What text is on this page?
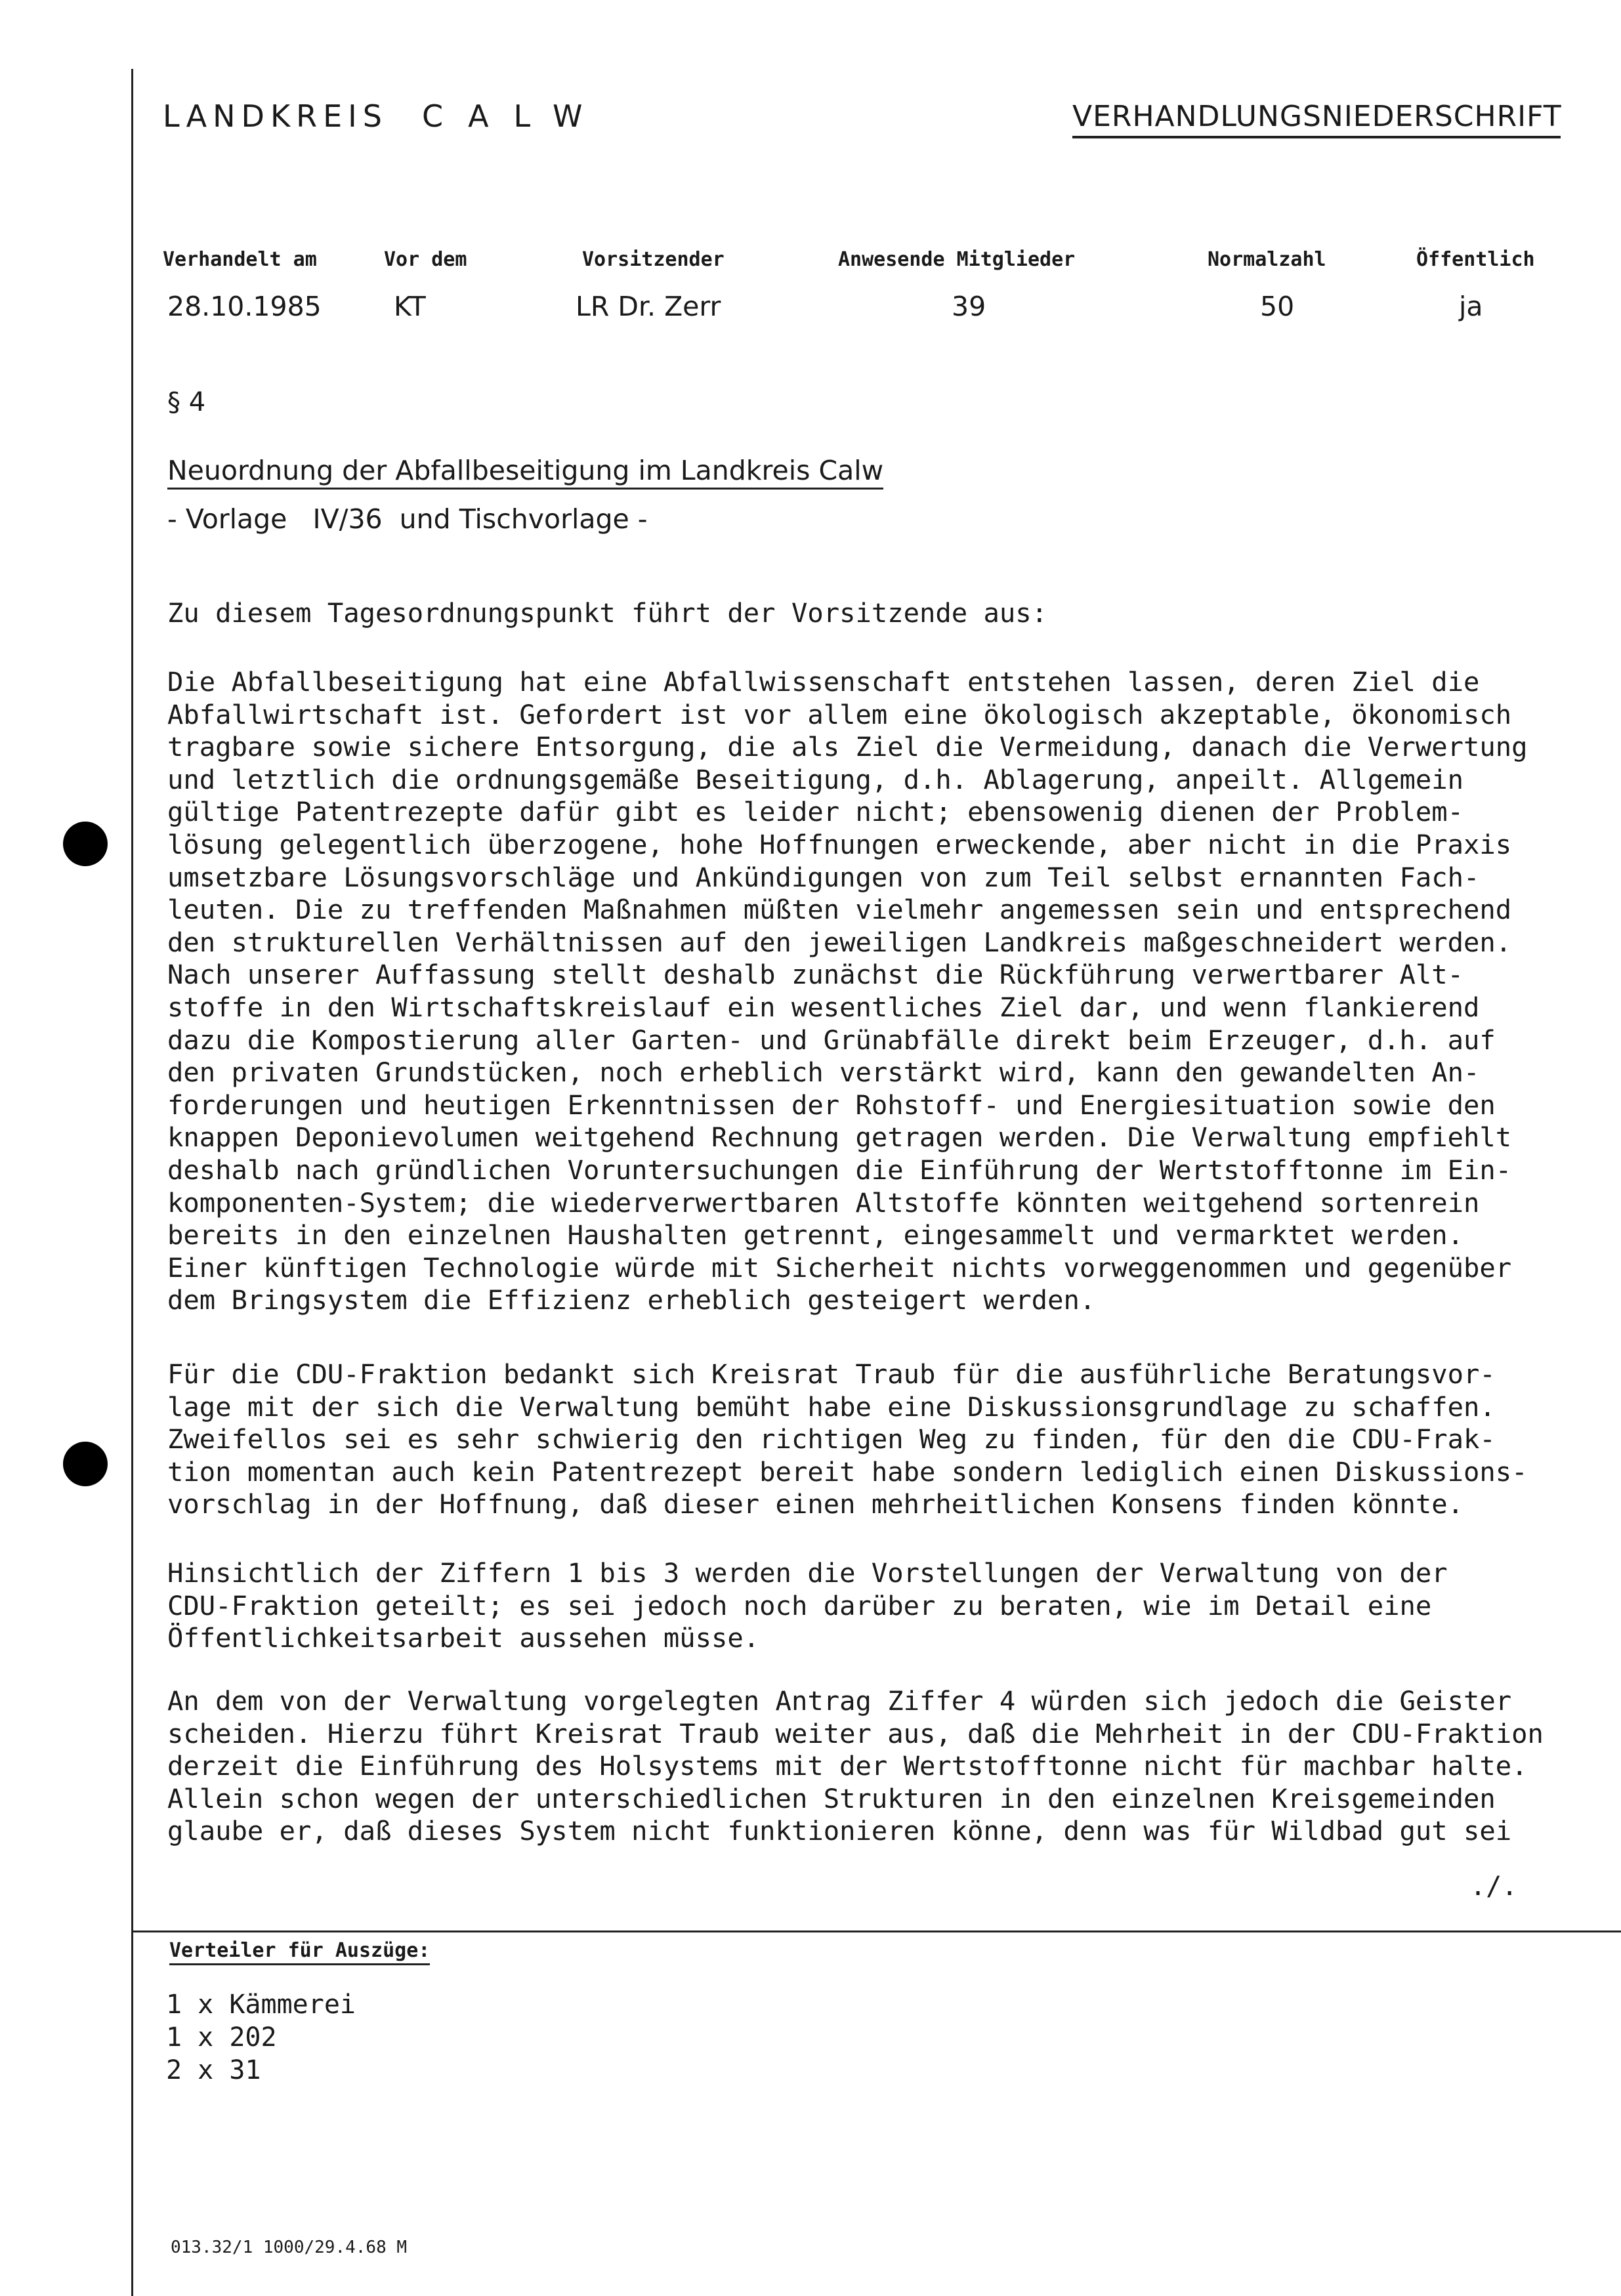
LANDKREIS CALW	VERHANDLUNGSNIEDERSCHRIFT
Verhandelt am	Vor dem	Vorsitzender	Anwesende Mitglieder	Normalzahl	Öffentlich
28.10.1985	KT	LR Dr. Zerr	39	50	ja
§ 4
Neuordnung der Abfallbeseitigung im Landkreis Calw
- Vorlage   IV/36  und Tischvorlage -
Zu diesem Tagesordnungspunkt führt der Vorsitzende aus:
Die Abfallbeseitigung hat eine Abfallwissenschaft entstehen lassen, deren Ziel die
Abfallwirtschaft ist. Gefordert ist vor allem eine ökologisch akzeptable, ökonomisch
tragbare sowie sichere Entsorgung, die als Ziel die Vermeidung, danach die Verwertung
und letztlich die ordnungsgemäße Beseitigung, d.h. Ablagerung, anpeilt. Allgemein
gültige Patentrezepte dafür gibt es leider nicht; ebensowenig dienen der Problem-
lösung gelegentlich überzogene, hohe Hoffnungen erweckende, aber nicht in die Praxis
umsetzbare Lösungsvorschläge und Ankündigungen von zum Teil selbst ernannten Fach-
leuten. Die zu treffenden Maßnahmen müßten vielmehr angemessen sein und entsprechend
den strukturellen Verhältnissen auf den jeweiligen Landkreis maßgeschneidert werden.
Nach unserer Auffassung stellt deshalb zunächst die Rückführung verwertbarer Alt-
stoffe in den Wirtschaftskreislauf ein wesentliches Ziel dar, und wenn flankierend
dazu die Kompostierung aller Garten- und Grünabfälle direkt beim Erzeuger, d.h. auf
den privaten Grundstücken, noch erheblich verstärkt wird, kann den gewandelten An-
forderungen und heutigen Erkenntnissen der Rohstoff- und Energiesituation sowie den
knappen Deponievolumen weitgehend Rechnung getragen werden. Die Verwaltung empfiehlt
deshalb nach gründlichen Voruntersuchungen die Einführung der Wertstofftonne im Ein-
komponenten-System; die wiederverwertbaren Altstoffe könnten weitgehend sortenrein
bereits in den einzelnen Haushalten getrennt, eingesammelt und vermarktet werden.
Einer künftigen Technologie würde mit Sicherheit nichts vorweggenommen und gegenüber
dem Bringsystem die Effizienz erheblich gesteigert werden.
Für die CDU-Fraktion bedankt sich Kreisrat Traub für die ausführliche Beratungsvor-
lage mit der sich die Verwaltung bemüht habe eine Diskussionsgrundlage zu schaffen.
Zweifellos sei es sehr schwierig den richtigen Weg zu finden, für den die CDU-Frak-
tion momentan auch kein Patentrezept bereit habe sondern lediglich einen Diskussions-
vorschlag in der Hoffnung, daß dieser einen mehrheitlichen Konsens finden könnte.
Hinsichtlich der Ziffern 1 bis 3 werden die Vorstellungen der Verwaltung von der
CDU-Fraktion geteilt; es sei jedoch noch darüber zu beraten, wie im Detail eine
Öffentlichkeitsarbeit aussehen müsse.
An dem von der Verwaltung vorgelegten Antrag Ziffer 4 würden sich jedoch die Geister
scheiden. Hierzu führt Kreisrat Traub weiter aus, daß die Mehrheit in der CDU-Fraktion
derzeit die Einführung des Holsystems mit der Wertstofftonne nicht für machbar halte.
Allein schon wegen der unterschiedlichen Strukturen in den einzelnen Kreisgemeinden
glaube er, daß dieses System nicht funktionieren könne, denn was für Wildbad gut sei
./.
Verteiler für Auszüge:
1 x Kämmerei
1 x 202
2 x 31
013.32/1 1000/29.4.68 M
